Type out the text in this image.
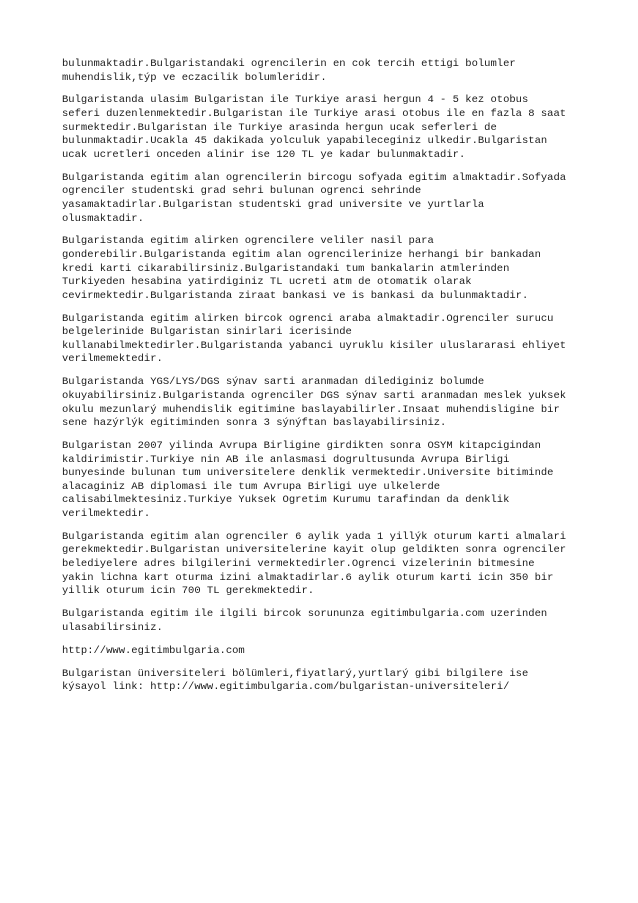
bulunmaktadir.Bulgaristandaki ogrencilerin en cok tercih ettigi bolumler
muhendislik,týp ve eczacilik bolumleridir.

Bulgaristanda ulasim Bulgaristan ile Turkiye arasi hergun 4 - 5 kez otobus
seferi duzenlenmektedir.Bulgaristan ile Turkiye arasi otobus ile en fazla 8 saat
surmektedir.Bulgaristan ile Turkiye arasinda hergun ucak seferleri de
bulunmaktadir.Ucakla 45 dakikada yolculuk yapabileceginiz ulkedir.Bulgaristan
ucak ucretleri onceden alinir ise 120 TL ye kadar bulunmaktadir.

Bulgaristanda egitim alan ogrencilerin bircogu sofyada egitim almaktadir.Sofyada
ogrenciler studentski grad sehri bulunan ogrenci sehrinde
yasamaktadirlar.Bulgaristan studentski grad universite ve yurtlarla
olusmaktadir.

Bulgaristanda egitim alirken ogrencilere veliler nasil para
gonderebilir.Bulgaristanda egitim alan ogrencilerinize herhangi bir bankadan
kredi karti cikarabilirsiniz.Bulgaristandaki tum bankalarin atmlerinden
Turkiyeden hesabina yatirdiginiz TL ucreti atm de otomatik olarak
cevirmektedir.Bulgaristanda ziraat bankasi ve is bankasi da bulunmaktadir.

Bulgaristanda egitim alirken bircok ogrenci araba almaktadir.Ogrenciler surucu
belgelerinide Bulgaristan sinirlari icerisinde
kullanabilmektedirler.Bulgaristanda yabanci uyruklu kisiler uluslararasi ehliyet
verilmemektedir.

Bulgaristanda YGS/LYS/DGS sýnav sarti aranmadan dilediginiz bolumde
okuyabilirsiniz.Bulgaristanda ogrenciler DGS sýnav sarti aranmadan meslek yuksek
okulu mezunlarý muhendislik egitimine baslayabilirler.Insaat muhendisligine bir
sene hazýrlýk egitiminden sonra 3 sýnýftan baslayabilirsiniz.

Bulgaristan 2007 yilinda Avrupa Birligine girdikten sonra OSYM kitapcigindan
kaldirimistir.Turkiye nin AB ile anlasmasi dogrultusunda Avrupa Birligi
bunyesinde bulunan tum universitelere denklik vermektedir.Universite bitiminde
alacaginiz AB diplomasi ile tum Avrupa Birligi uye ulkelerde
calisabilmektesiniz.Turkiye Yuksek Ogretim Kurumu tarafindan da denklik
verilmektedir.

Bulgaristanda egitim alan ogrenciler 6 aylik yada 1 yillýk oturum karti almalari
gerekmektedir.Bulgaristan universitelerine kayit olup geldikten sonra ogrenciler
belediyelere adres bilgilerini vermektedirler.Ogrenci vizelerinin bitmesine
yakin lichna kart oturma izini almaktadirlar.6 aylik oturum karti icin 350 bir
yillik oturum icin 700 TL gerekmektedir.

Bulgaristanda egitim ile ilgili bircok sorununza egitimbulgaria.com uzerinden
ulasabilirsiniz.

http://www.egitimbulgaria.com

Bulgaristan üniversiteleri bölümleri,fiyatlarý,yurtlarý gibi bilgilere ise
kýsayol link: http://www.egitimbulgaria.com/bulgaristan-universiteleri/
